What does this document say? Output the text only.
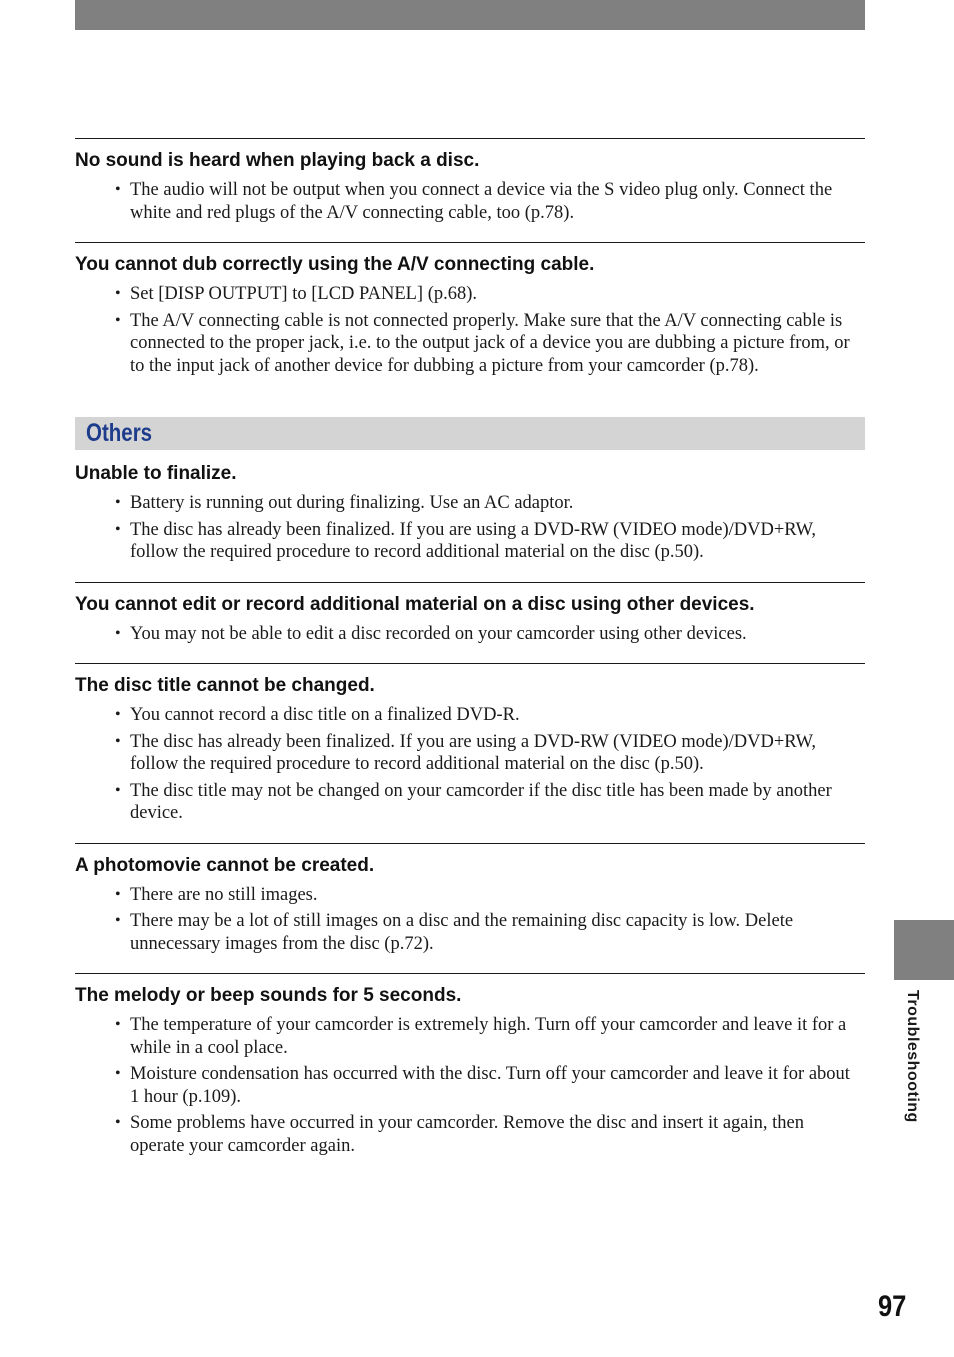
No sound is heard when playing back a disc.
• The audio will not be output when you connect a device via the S video plug only. Connect the white and red plugs of the A/V connecting cable, too (p.78).
You cannot dub correctly using the A/V connecting cable.
• Set [DISP OUTPUT] to [LCD PANEL] (p.68).
• The A/V connecting cable is not connected properly. Make sure that the A/V connecting cable is connected to the proper jack, i.e. to the output jack of a device you are dubbing a picture from, or to the input jack of another device for dubbing a picture from your camcorder (p.78).
Others
Unable to finalize.
• Battery is running out during finalizing. Use an AC adaptor.
• The disc has already been finalized. If you are using a DVD-RW (VIDEO mode)/DVD+RW, follow the required procedure to record additional material on the disc (p.50).
You cannot edit or record additional material on a disc using other devices.
• You may not be able to edit a disc recorded on your camcorder using other devices.
The disc title cannot be changed.
• You cannot record a disc title on a finalized DVD-R.
• The disc has already been finalized. If you are using a DVD-RW (VIDEO mode)/DVD+RW, follow the required procedure to record additional material on the disc (p.50).
• The disc title may not be changed on your camcorder if the disc title has been made by another device.
A photomovie cannot be created.
• There are no still images.
• There may be a lot of still images on a disc and the remaining disc capacity is low. Delete unnecessary images from the disc (p.72).
The melody or beep sounds for 5 seconds.
• The temperature of your camcorder is extremely high. Turn off your camcorder and leave it for a while in a cool place.
• Moisture condensation has occurred with the disc. Turn off your camcorder and leave it for about 1 hour (p.109).
• Some problems have occurred in your camcorder. Remove the disc and insert it again, then operate your camcorder again.
Troubleshooting
97
